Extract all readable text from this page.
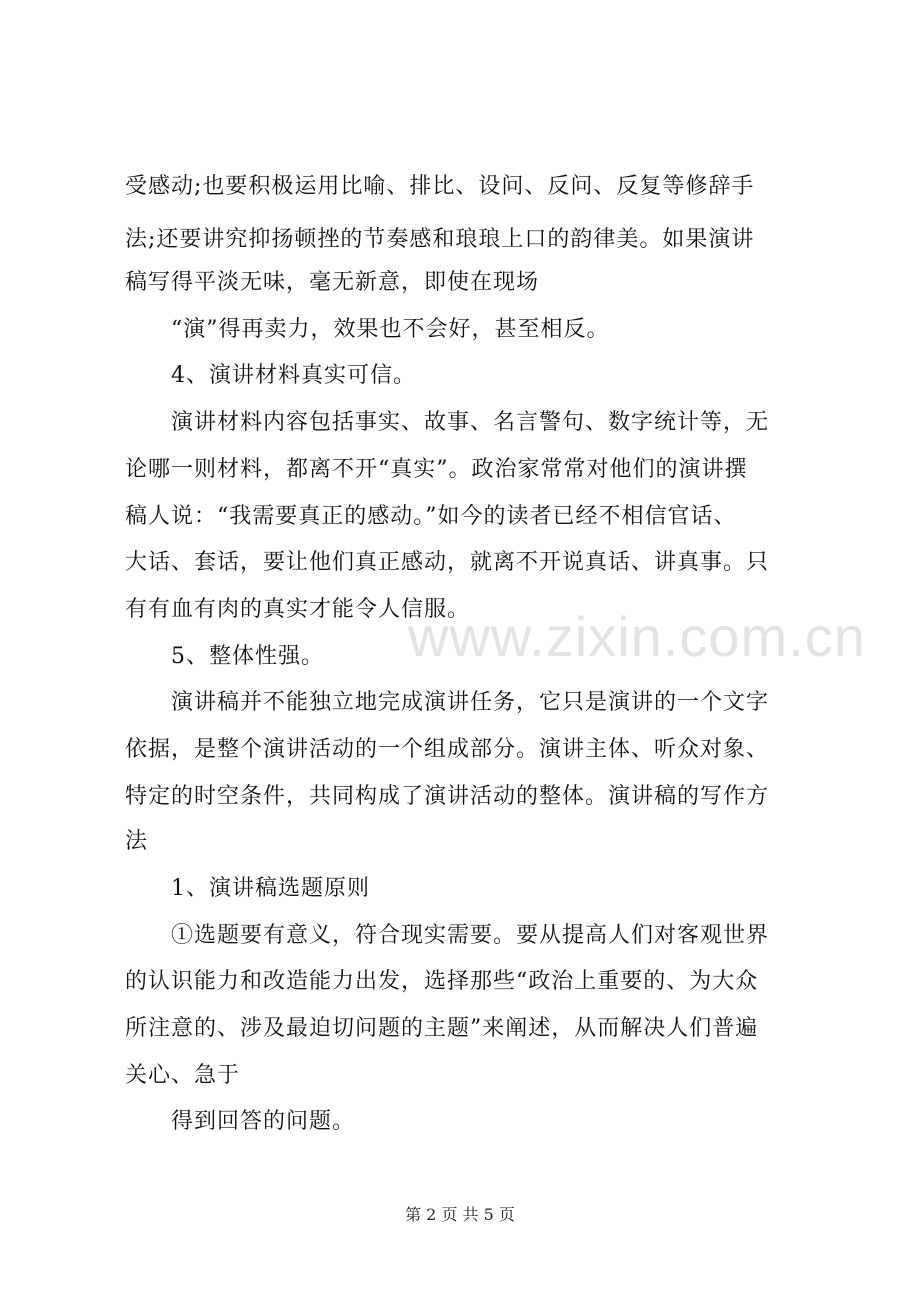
受感动;也要积极运用比喻、排比、设问、反问、反复等修辞手
法;还要讲究抑扬顿挫的节奏感和琅琅上口的韵律美。如果演讲
稿写得平淡无味，毫无新意，即使在现场
“演”得再卖力，效果也不会好，甚至相反。
4、演讲材料真实可信。
演讲材料内容包括事实、故事、名言警句、数字统计等，无
论哪一则材料，都离不开“真实”。政治家常常对他们的演讲撰
稿人说：“我需要真正的感动。”如今的读者已经不相信官话、
大话、套话，要让他们真正感动，就离不开说真话、讲真事。只
有有血有肉的真实才能令人信服。
www.zixin.com.cn
5、整体性强。
演讲稿并不能独立地完成演讲任务，它只是演讲的一个文字
依据，是整个演讲活动的一个组成部分。演讲主体、听众对象、
特定的时空条件，共同构成了演讲活动的整体。演讲稿的写作方
法
1、演讲稿选题原则
①选题要有意义，符合现实需要。要从提高人们对客观世界
的认识能力和改造能力出发，选择那些“政治上重要的、为大众
所注意的、涉及最迫切问题的主题”来阐述，从而解决人们普遍
关心、急于
得到回答的问题。
第 2 页 共 5 页
